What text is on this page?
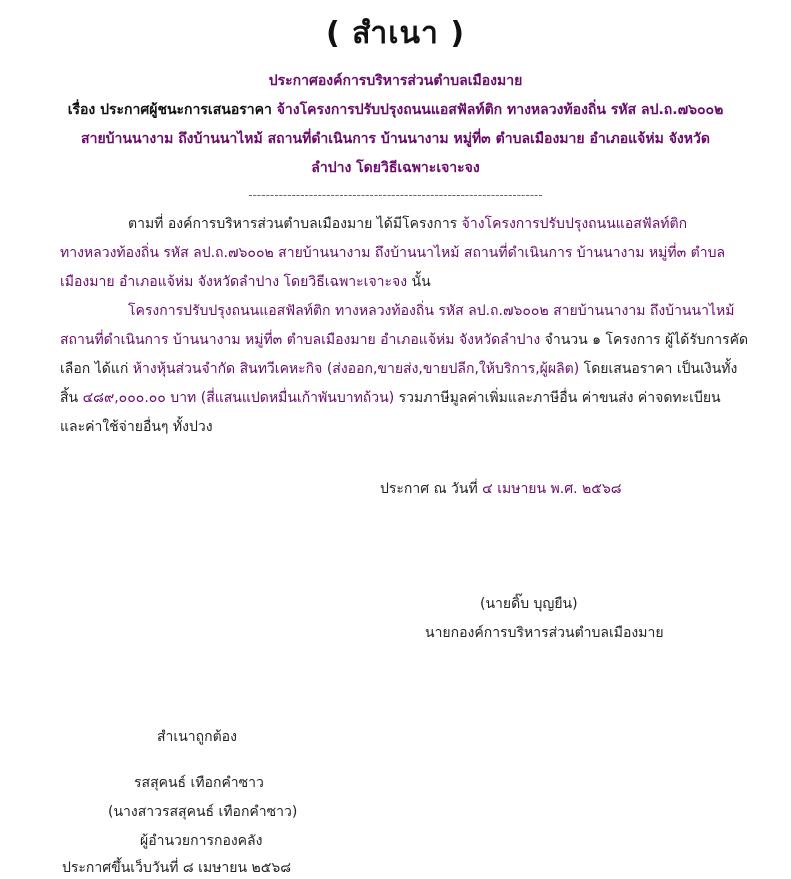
( สำเนา )
ประกาศองค์การบริหารส่วนตำบลเมืองมาย
เรื่อง ประกาศผู้ชนะการเสนอราคา จ้างโครงการปรับปรุงถนนแอสฟัลท์ติก ทางหลวงท้องถิ่น รหัส ลป.ถ.๗๖๐๐๒
สายบ้านนางาม ถึงบ้านนาไหม้ สถานที่ดำเนินการ บ้านนางาม หมู่ที่๓ ตำบลเมืองมาย อำเภอแจ้ห่ม จังหวัด
ลำปาง โดยวิธีเฉพาะเจาะจง
--------------------------------------------------------------------
ตามที่ องค์การบริหารส่วนตำบลเมืองมาย ได้มีโครงการ จ้างโครงการปรับปรุงถนนแอสฟัลท์ติก
ทางหลวงท้องถิ่น รหัส ลป.ถ.๗๖๐๐๒ สายบ้านนางาม ถึงบ้านนาไหม้ สถานที่ดำเนินการ บ้านนางาม หมู่ที่๓ ตำบล
เมืองมาย อำเภอแจ้ห่ม จังหวัดลำปาง โดยวิธีเฉพาะเจาะจง นั้น
โครงการปรับปรุงถนนแอสฟัลท์ติก ทางหลวงท้องถิ่น รหัส ลป.ถ.๗๖๐๐๒ สายบ้านนางาม ถึงบ้านนาไหม้
สถานที่ดำเนินการ บ้านนางาม หมู่ที่๓ ตำบลเมืองมาย อำเภอแจ้ห่ม จังหวัดลำปาง จำนวน ๑ โครงการ ผู้ได้รับการคัด
เลือก ได้แก่ ห้างหุ้นส่วนจำกัด สินทวีเคหะกิจ (ส่งออก,ขายส่ง,ขายปลีก,ให้บริการ,ผู้ผลิต) โดยเสนอราคา เป็นเงินทั้ง
สิ้น ๔๘๙,๐๐๐.๐๐ บาท (สี่แสนแปดหมื่นเก้าพันบาทถ้วน) รวมภาษีมูลค่าเพิ่มและภาษีอื่น ค่าขนส่ง ค่าจดทะเบียน
และค่าใช้จ่ายอื่นๆ ทั้งปวง
ประกาศ ณ วันที่ ๔ เมษายน พ.ศ. ๒๕๖๘
(นายดิ๊บ บุญยืน)
นายกองค์การบริหารส่วนตำบลเมืองมาย
สำเนาถูกต้อง
รสสุคนธ์ เทือกคำซาว
(นางสาวรสสุคนธ์ เทือกคำซาว)
ผู้อำนวยการกองคลัง
ประกาศขึ้นเว็บวันที่ ๘ เมษายน ๒๕๖๘
